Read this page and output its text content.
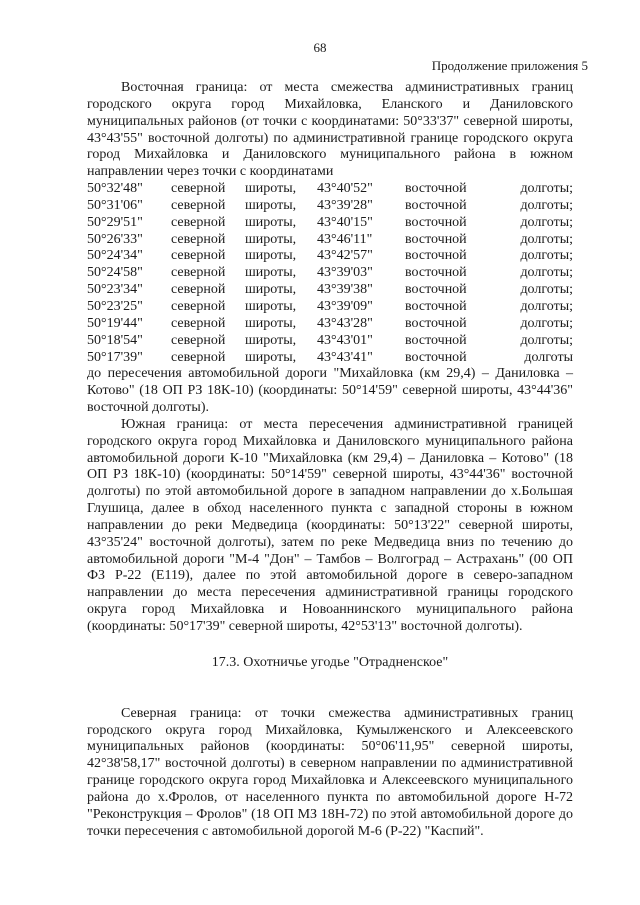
68
Продолжение приложения 5
Восточная граница: от места смежества административных границ городского округа город Михайловка, Еланского и Даниловского муниципальных районов (от точки с координатами: 50°33'37" северной широты, 43°43'55" восточной долготы) по административной границе городского округа город Михайловка и Даниловского муниципального района в южном направлении через точки с координатами
50°32'48"	северной	широты,	43°40'52"	восточной	долготы;
50°31'06"	северной	широты,	43°39'28"	восточной	долготы;
50°29'51"	северной	широты,	43°40'15"	восточной	долготы;
50°26'33"	северной	широты,	43°46'11"	восточной	долготы;
50°24'34"	северной	широты,	43°42'57"	восточной	долготы;
50°24'58"	северной	широты,	43°39'03"	восточной	долготы;
50°23'34"	северной	широты,	43°39'38"	восточной	долготы;
50°23'25"	северной	широты,	43°39'09"	восточной	долготы;
50°19'44"	северной	широты,	43°43'28"	восточной	долготы;
50°18'54"	северной	широты,	43°43'01"	восточной	долготы;
50°17'39"	северной	широты,	43°43'41"	восточной	долготы
до пересечения автомобильной дороги "Михайловка (км 29,4) – Даниловка – Котово" (18 ОП РЗ 18К-10) (координаты: 50°14'59" северной широты, 43°44'36" восточной долготы).
Южная граница: от места пересечения административной границей городского округа город Михайловка и Даниловского муниципального района автомобильной дороги К-10 "Михайловка (км 29,4) – Даниловка – Котово" (18 ОП РЗ 18К-10) (координаты: 50°14'59" северной широты, 43°44'36" восточной долготы) по этой автомобильной дороге в западном направлении до х.Большая Глушица, далее в обход населенного пункта с западной стороны в южном направлении до реки Медведица (координаты: 50°13'22" северной широты, 43°35'24" восточной долготы), затем по реке Медведица вниз по течению до автомобильной дороги "М-4 "Дон" – Тамбов – Волгоград – Астрахань" (00 ОП ФЗ Р-22 (Е119), далее по этой автомобильной дороге в северо-западном направлении до места пересечения административной границы городского округа город Михайловка и Новоаннинского муниципального района (координаты: 50°17'39" северной широты, 42°53'13" восточной долготы).
17.3. Охотничье угодье "Отрадненское"
Северная граница: от точки смежества административных границ городского округа город Михайловка, Кумылженского и Алексеевского муниципальных районов (координаты: 50°06'11,95" северной широты, 42°38'58,17" восточной долготы) в северном направлении по административной границе городского округа город Михайловка и Алексеевского муниципального района до х.Фролов, от населенного пункта по автомобильной дороге Н-72 "Реконструкция – Фролов" (18 ОП МЗ 18Н-72) по этой автомобильной дороге до точки пересечения с автомобильной дорогой М-6 (Р-22) "Каспий".
